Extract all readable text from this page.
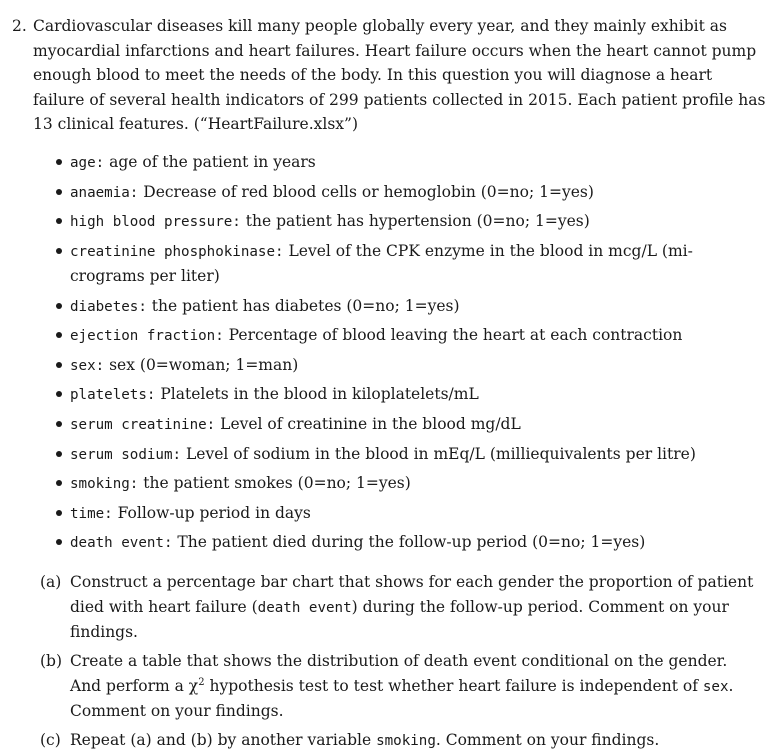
2. Cardiovascular diseases kill many people globally every year, and they mainly exhibit as
myocardial infarctions and heart failures. Heart failure occurs when the heart cannot pump
enough blood to meet the needs of the body. In this question you will diagnose a heart
failure of several health indicators of 299 patients collected in 2015. Each patient profile has
13 clinical features. (“HeartFailure.xlsx”)
age: age of the patient in years
anaemia: Decrease of red blood cells or hemoglobin (0=no; 1=yes)
high blood pressure: the patient has hypertension (0=no; 1=yes)
creatinine phosphokinase: Level of the CPK enzyme in the blood in mcg/L (mi-
crograms per liter)
diabetes: the patient has diabetes (0=no; 1=yes)
ejection fraction: Percentage of blood leaving the heart at each contraction
sex: sex (0=woman; 1=man)
platelets: Platelets in the blood in kiloplatelets/mL
serum creatinine: Level of creatinine in the blood mg/dL
serum sodium: Level of sodium in the blood in mEq/L (milliequivalents per litre)
smoking: the patient smokes (0=no; 1=yes)
time: Follow-up period in days
death event: The patient died during the follow-up period (0=no; 1=yes)
(a) Construct a percentage bar chart that shows for each gender the proportion of patient
died with heart failure (death event) during the follow-up period. Comment on your
findings.
(b) Create a table that shows the distribution of death event conditional on the gender.
And perform a $\chi^2$ hypothesis test to test whether heart failure is independent of sex.
Comment on your findings.
(c) Repeat (a) and (b) by another variable smoking. Comment on your findings.
